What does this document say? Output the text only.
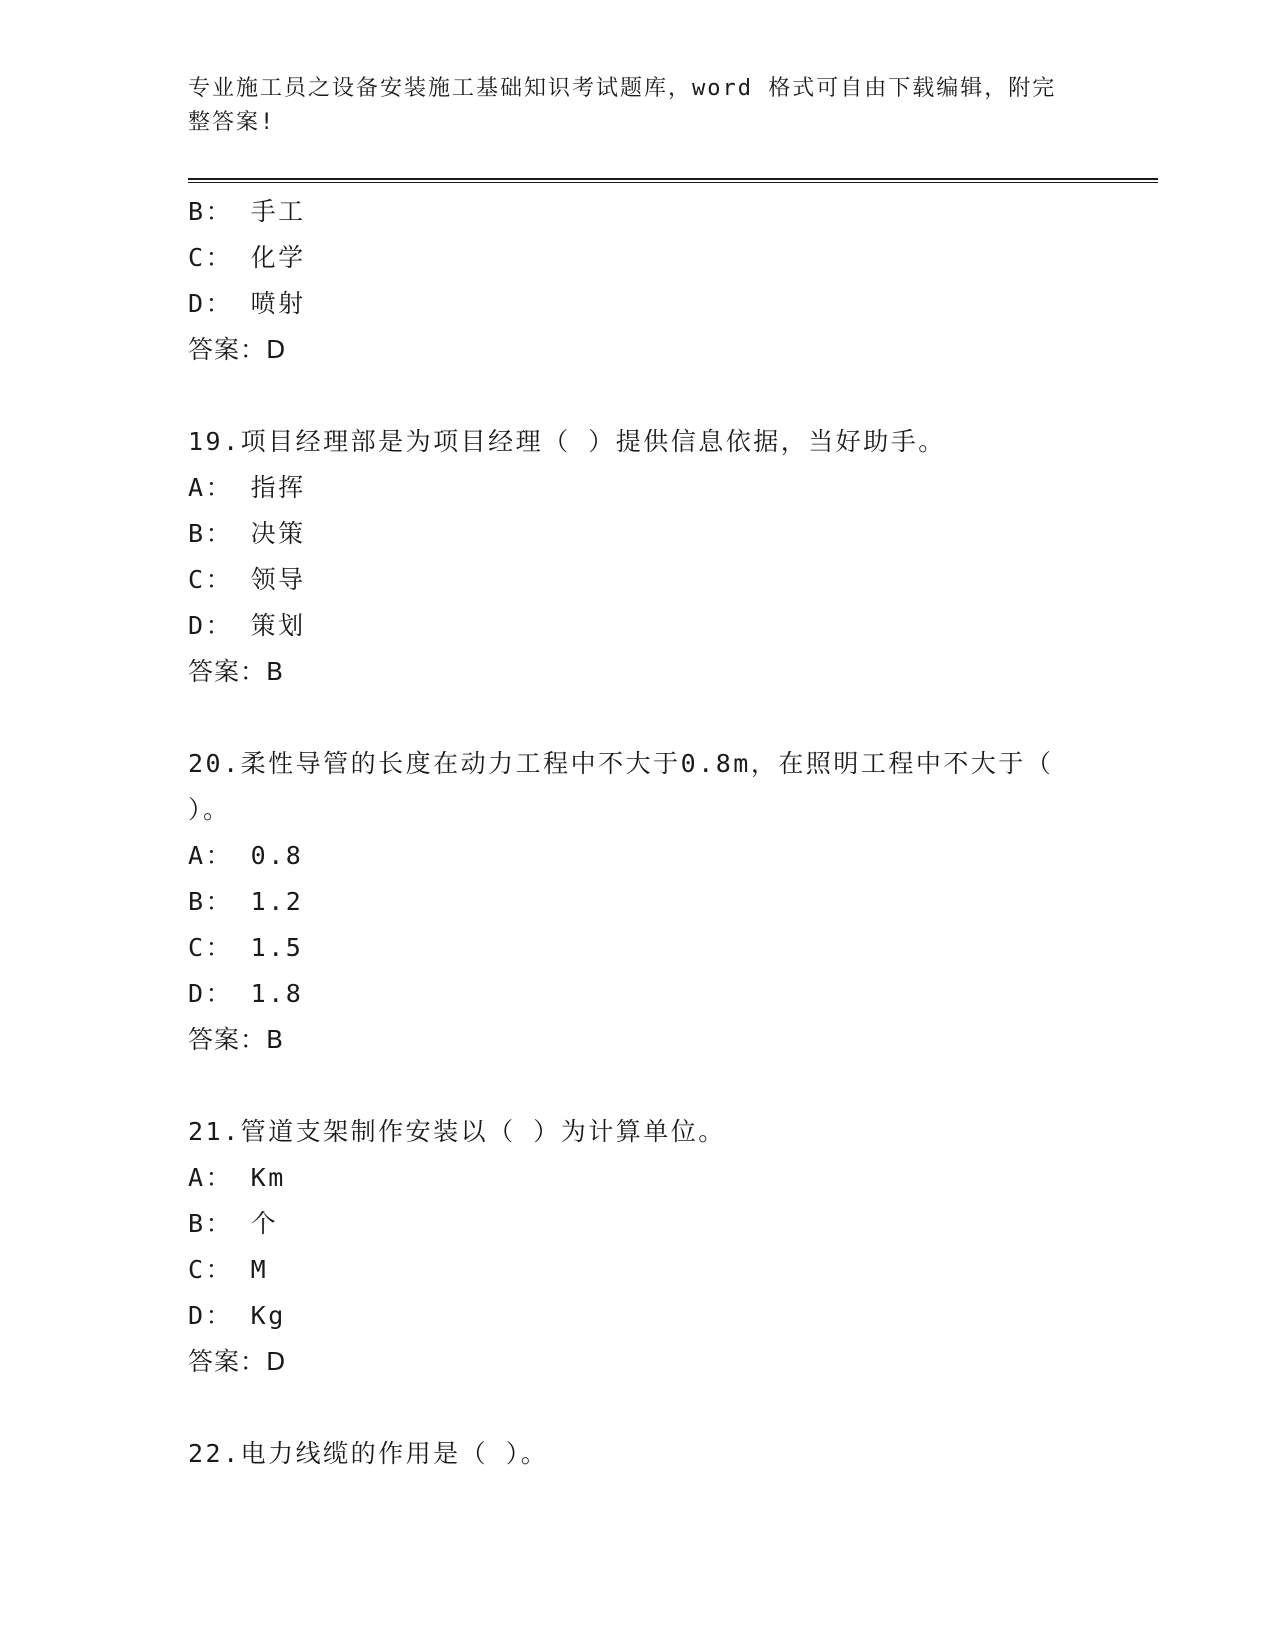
专业施工员之设备安装施工基础知识考试题库，word 格式可自由下载编辑，附完整答案!
B： 手工
C： 化学
D： 喷射
答案：D
19.项目经理部是为项目经理（ ）提供信息依据，当好助手。
A： 指挥
B： 决策
C： 领导
D： 策划
答案：B
20.柔性导管的长度在动力工程中不大于0.8m，在照明工程中不大于（ ）。
A： 0.8
B： 1.2
C： 1.5
D： 1.8
答案：B
21.管道支架制作安装以（ ）为计算单位。
A： Km
B： 个
C： M
D： Kg
答案：D
22.电力线缆的作用是（ ）。
